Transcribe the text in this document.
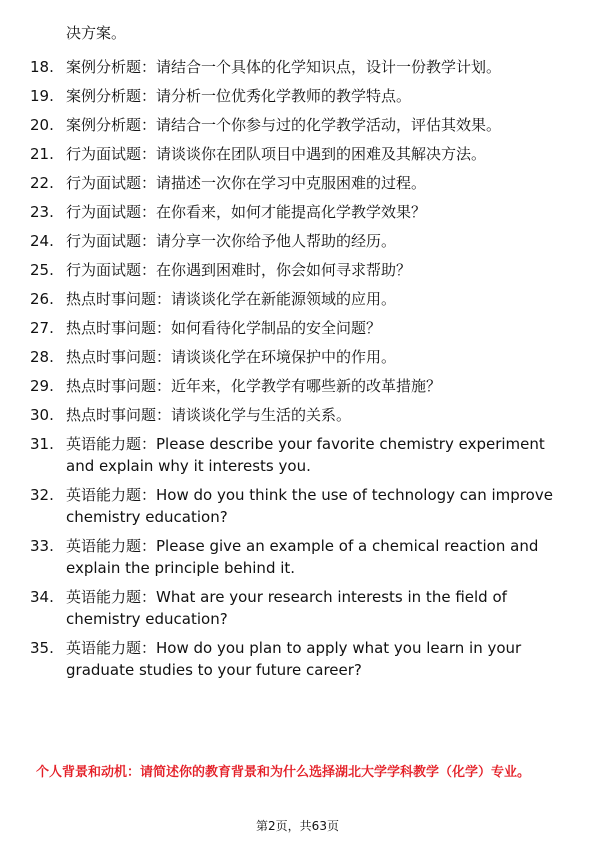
决方案。
18. 案例分析题：请结合一个具体的化学知识点，设计一份教学计划。
19. 案例分析题：请分析一位优秀化学教师的教学特点。
20. 案例分析题：请结合一个你参与过的化学教学活动，评估其效果。
21. 行为面试题：请谈谈你在团队项目中遇到的困难及其解决方法。
22. 行为面试题：请描述一次你在学习中克服困难的过程。
23. 行为面试题：在你看来，如何才能提高化学教学效果？
24. 行为面试题：请分享一次你给予他人帮助的经历。
25. 行为面试题：在你遇到困难时，你会如何寻求帮助？
26. 热点时事问题：请谈谈化学在新能源领域的应用。
27. 热点时事问题：如何看待化学制品的安全问题？
28. 热点时事问题：请谈谈化学在环境保护中的作用。
29. 热点时事问题：近年来，化学教学有哪些新的改革措施？
30. 热点时事问题：请谈谈化学与生活的关系。
31. 英语能力题：Please describe your favorite chemistry experiment and explain why it interests you.
32. 英语能力题：How do you think the use of technology can improve chemistry education?
33. 英语能力题：Please give an example of a chemical reaction and explain the principle behind it.
34. 英语能力题：What are your research interests in the field of chemistry education?
35. 英语能力题：How do you plan to apply what you learn in your graduate studies to your future career?
个人背景和动机：请简述你的教育背景和为什么选择湖北大学学科教学（化学）专业。
第2页，共63页
